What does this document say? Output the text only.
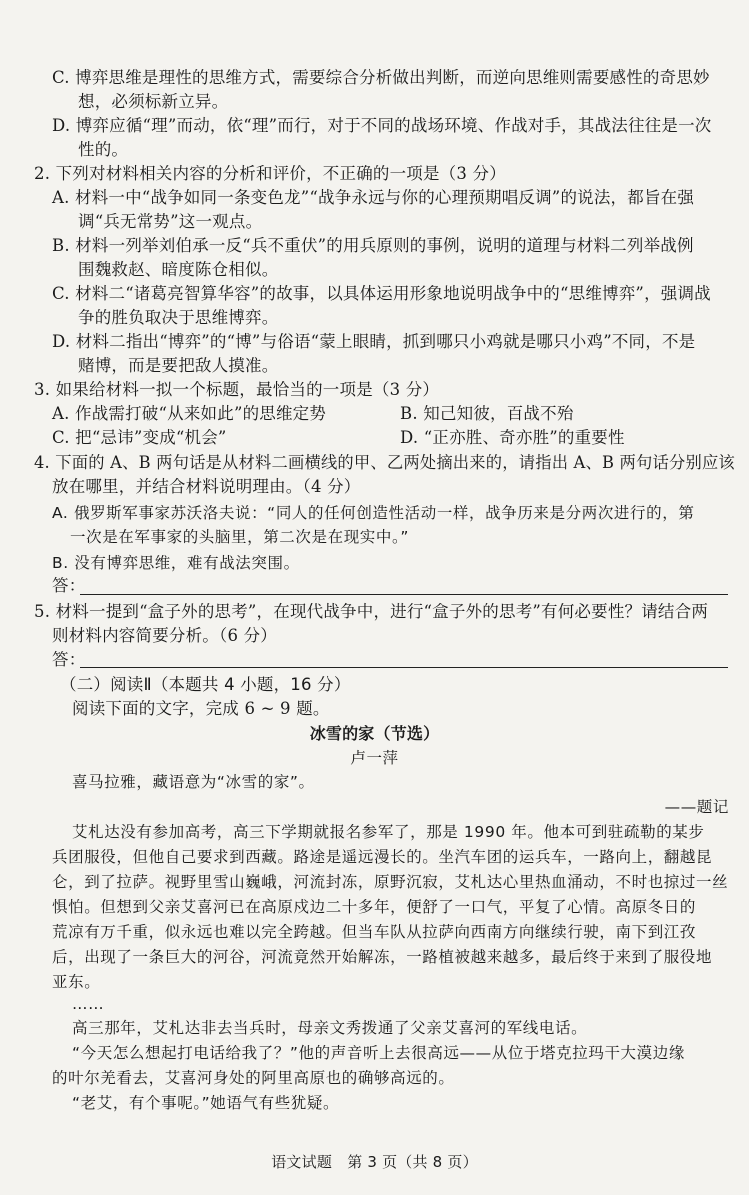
C. 博弈思维是理性的思维方式，需要综合分析做出判断，而逆向思维则需要感性的奇思妙
想，必须标新立异。
D. 博弈应循“理”而动，依“理”而行，对于不同的战场环境、作战对手，其战法往往是一次
性的。
2. 下列对材料相关内容的分析和评价，不正确的一项是（3 分）
A. 材料一中“战争如同一条变色龙”“战争永远与你的心理预期唱反调”的说法，都旨在强
调“兵无常势”这一观点。
B. 材料一列举刘伯承一反“兵不重伏”的用兵原则的事例，说明的道理与材料二列举战例
围魏救赵、暗度陈仓相似。
C. 材料二“诸葛亮智算华容”的故事，以具体运用形象地说明战争中的“思维博弈”，强调战
争的胜负取决于思维博弈。
D. 材料二指出“博弈”的“博”与俗语“蒙上眼睛，抓到哪只小鸡就是哪只小鸡”不同，不是
赌博，而是要把敌人摸准。
3. 如果给材料一拟一个标题，最恰当的一项是（3 分）
A. 作战需打破“从来如此”的思维定势	B. 知己知彼，百战不殆
C. 把“忌讳”变成“机会”	D. “正亦胜、奇亦胜”的重要性
4. 下面的 A、B 两句话是从材料二画横线的甲、乙两处摘出来的，请指出 A、B 两句话分别应该
放在哪里，并结合材料说明理由。（4 分）
A. 俄罗斯军事家苏沃洛夫说：“同人的任何创造性活动一样，战争历来是分两次进行的，第
一次是在军事家的头脑里，第二次是在现实中。”
B. 没有博弈思维，难有战法突围。
答：
5. 材料一提到“盒子外的思考”，在现代战争中，进行“盒子外的思考”有何必要性？请结合两
则材料内容简要分析。（6 分）
答：
（二）阅读Ⅱ（本题共 4 小题，16 分）
阅读下面的文字，完成 6 ~ 9 题。
冰雪的家（节选）
卢一萍
喜马拉雅，藏语意为“冰雪的家”。
——题记
艾札达没有参加高考，高三下学期就报名参军了，那是 1990 年。他本可到驻疏勒的某步
兵团服役，但他自己要求到西藏。路途是遥远漫长的。坐汽车团的运兵车，一路向上，翻越昆
仑，到了拉萨。视野里雪山巍峨，河流封冻，原野沉寂，艾札达心里热血涌动，不时也掠过一丝
惧怕。但想到父亲艾喜河已在高原戍边二十多年，便舒了一口气，平复了心情。高原冬日的
荒凉有万千重，似永远也难以完全跨越。但当车队从拉萨向西南方向继续行驶，南下到江孜
后，出现了一条巨大的河谷，河流竟然开始解冻，一路植被越来越多，最后终于来到了服役地
亚东。
……
高三那年，艾札达非去当兵时，母亲文秀拨通了父亲艾喜河的军线电话。
“今天怎么想起打电话给我了？”他的声音听上去很高远——从位于塔克拉玛干大漠边缘
的叶尔羌看去，艾喜河身处的阿里高原也的确够高远的。
“老艾，有个事呢。”她语气有些犹疑。
语文试题　第 3 页（共 8 页）
